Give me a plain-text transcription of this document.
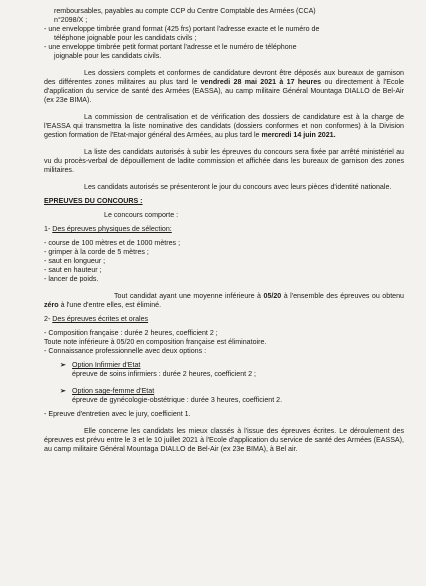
remboursables, payables au compte CCP du Centre Comptable des Armées (CCA)

n°2098/X ;

- une enveloppe timbrée grand format (425 frs) portant l'adresse exacte et le numéro de

téléphone joignable pour les candidats civils ;

- une enveloppe timbrée petit format portant l'adresse et le numéro de téléphone

joignable pour les candidats civils.

Les dossiers complets et conformes de candidature devront être déposés aux bureaux de garnison des différentes zones militaires au plus tard le vendredi 28 mai 2021 à 17 heures ou directement à l'Ecole d'application du service de santé des Armées (EASSA), au camp militaire Général Mountaga DIALLO de Bel-Air (ex 23e BIMA).

La commission de centralisation et de vérification des dossiers de candidature est à la charge de l'EASSA qui transmettra la liste nominative des candidats (dossiers conformes et non conformes) à la Division gestion formation de l'Etat-major général des Armées, au plus tard le mercredi 14 juin 2021.

La liste des candidats autorisés à subir les épreuves du concours sera fixée par arrêté ministériel au vu du procès-verbal de dépouillement de ladite commission et affichée dans les bureaux de garnison des zones militaires.

Les candidats autorisés se présenteront le jour du concours avec leurs pièces d'identité nationale.

EPREUVES DU CONCOURS :

Le concours comporte :

1- Des épreuves physiques de sélection:

- course de 100 mètres et de 1000 mètres ;

- grimper à la corde de 5 mètres ;

- saut en longueur ;

- saut en hauteur ;

- lancer de poids.

Tout candidat ayant une moyenne inférieure à 05/20 à l'ensemble des épreuves ou obtenu zéro à l'une d'entre elles, est éliminé.

2- Des épreuves écrites et orales

- Composition française : durée 2 heures, coefficient 2 ;

Toute note inférieure à 05/20 en composition française est éliminatoire.

- Connaissance professionnelle avec deux options :

➢ Option Infirmier d'Etat

épreuve de soins infirmiers : durée 2 heures, coefficient 2 ;

➢ Option sage-femme d'Etat

épreuve de gynécologie-obstétrique : durée 3 heures, coefficient 2.

- Epreuve d'entretien avec le jury, coefficient 1.

Elle concerne les candidats les mieux classés à l'issue des épreuves écrites. Le déroulement des épreuves est prévu entre le 3 et le 10 juillet 2021 à l'Ecole d'application du service de santé des Armées (EASSA), au camp militaire Général Mountaga DIALLO de Bel-Air (ex 23e BIMA), à Bel air.
